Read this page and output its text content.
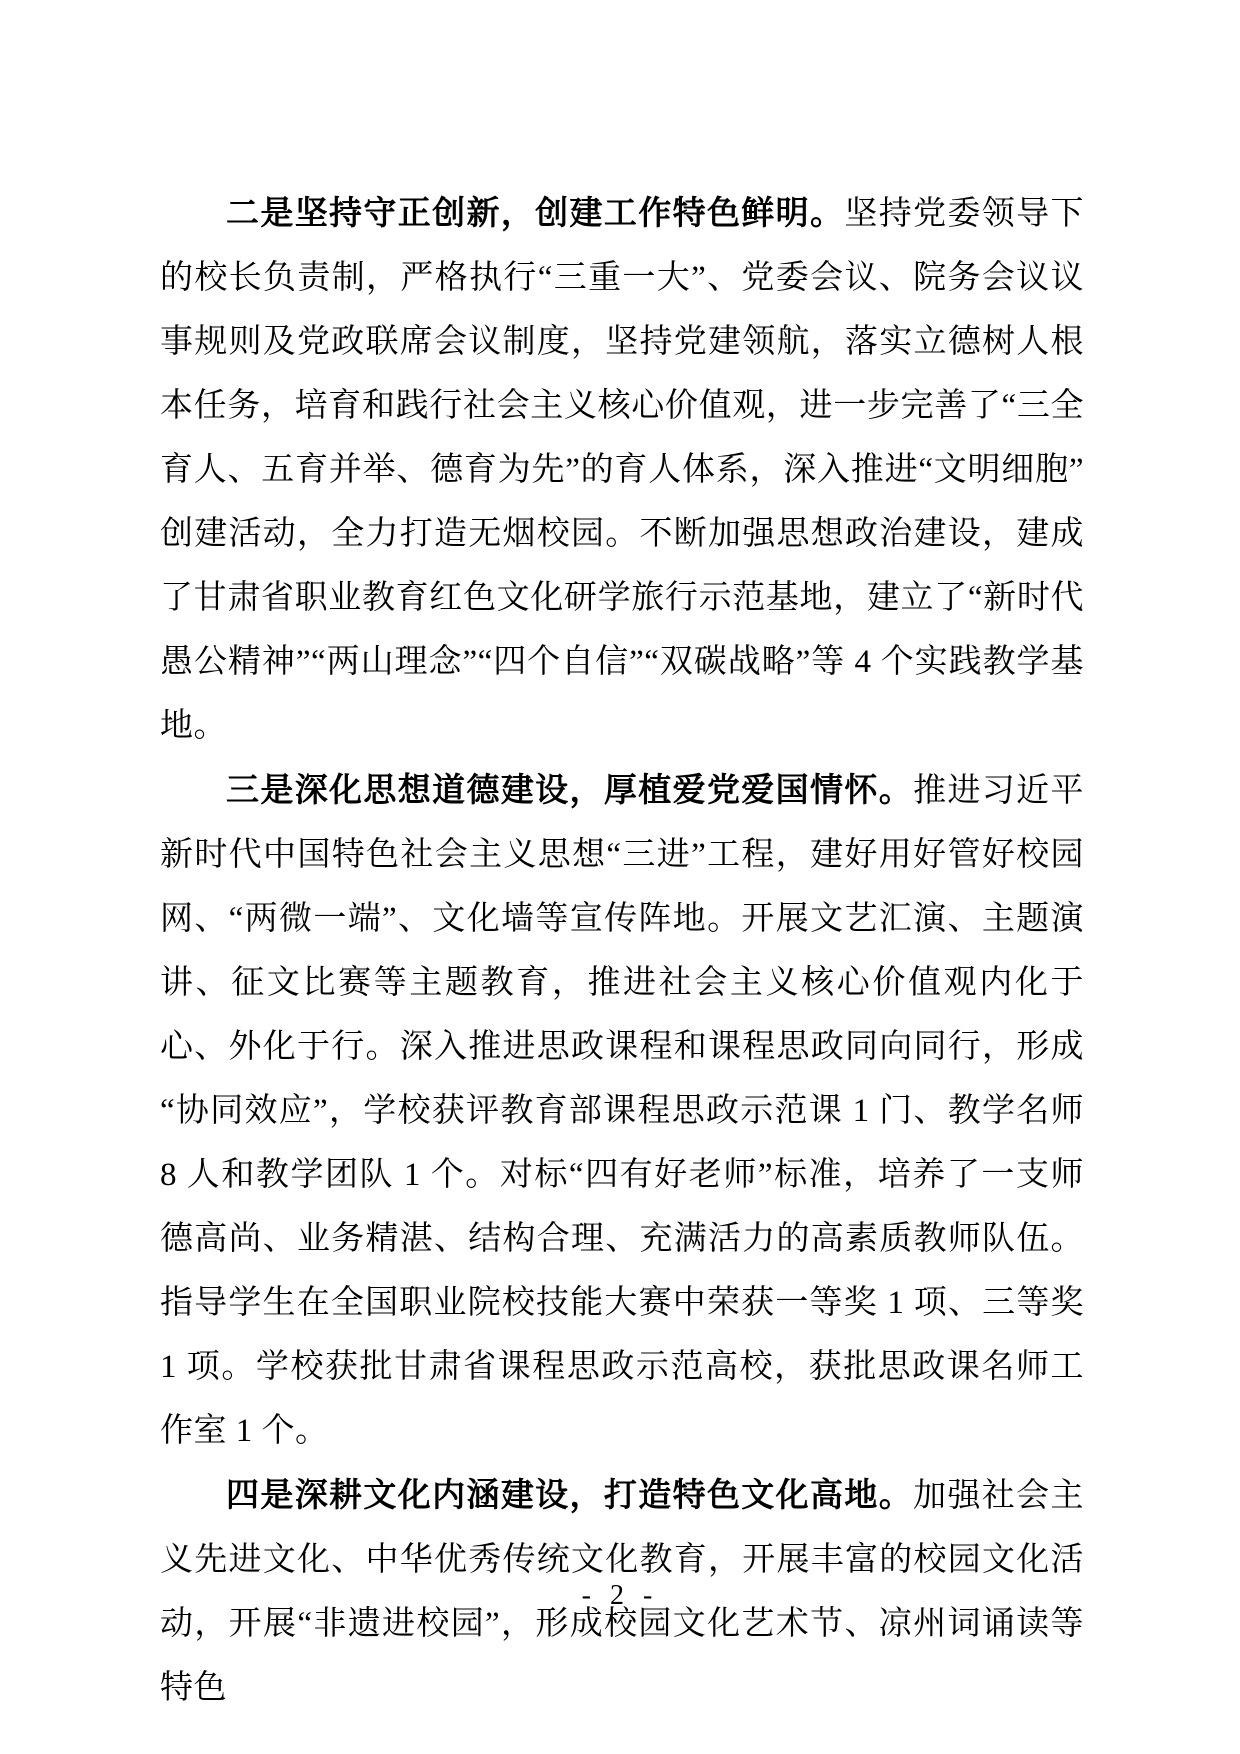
二是坚持守正创新，创建工作特色鲜明。坚持党委领导下的校长负责制，严格执行“三重一大”、党委会议、院务会议议事规则及党政联席会议制度，坚持党建领航，落实立德树人根本任务，培育和践行社会主义核心价值观，进一步完善了“三全育人、五育并举、德育为先”的育人体系，深入推进“文明细胞”创建活动，全力打造无烟校园。不断加强思想政治建设，建成了甘肃省职业教育红色文化研学旅行示范基地，建立了“新时代愚公精神”“两山理念”“四个自信”“双碳战略”等 4 个实践教学基地。

三是深化思想道德建设，厚植爱党爱国情怀。推进习近平新时代中国特色社会主义思想“三进”工程，建好用好管好校园网、“两微一端”、文化墙等宣传阵地。开展文艺汇演、主题演讲、征文比赛等主题教育，推进社会主义核心价值观内化于心、外化于行。深入推进思政课程和课程思政同向同行，形成“协同效应”，学校获评教育部课程思政示范课 1 门、教学名师 8 人和教学团队 1 个。对标“四有好老师”标准，培养了一支师德高尚、业务精湛、结构合理、充满活力的高素质教师队伍。指导学生在全国职业院校技能大赛中荣获一等奖 1 项、三等奖 1 项。学校获批甘肃省课程思政示范高校，获批思政课名师工作室 1 个。

四是深耕文化内涵建设，打造特色文化高地。加强社会主义先进文化、中华优秀传统文化教育，开展丰富的校园文化活动，开展“非遗进校园”，形成校园文化艺术节、凉州词诵读等特色

- 2 -
